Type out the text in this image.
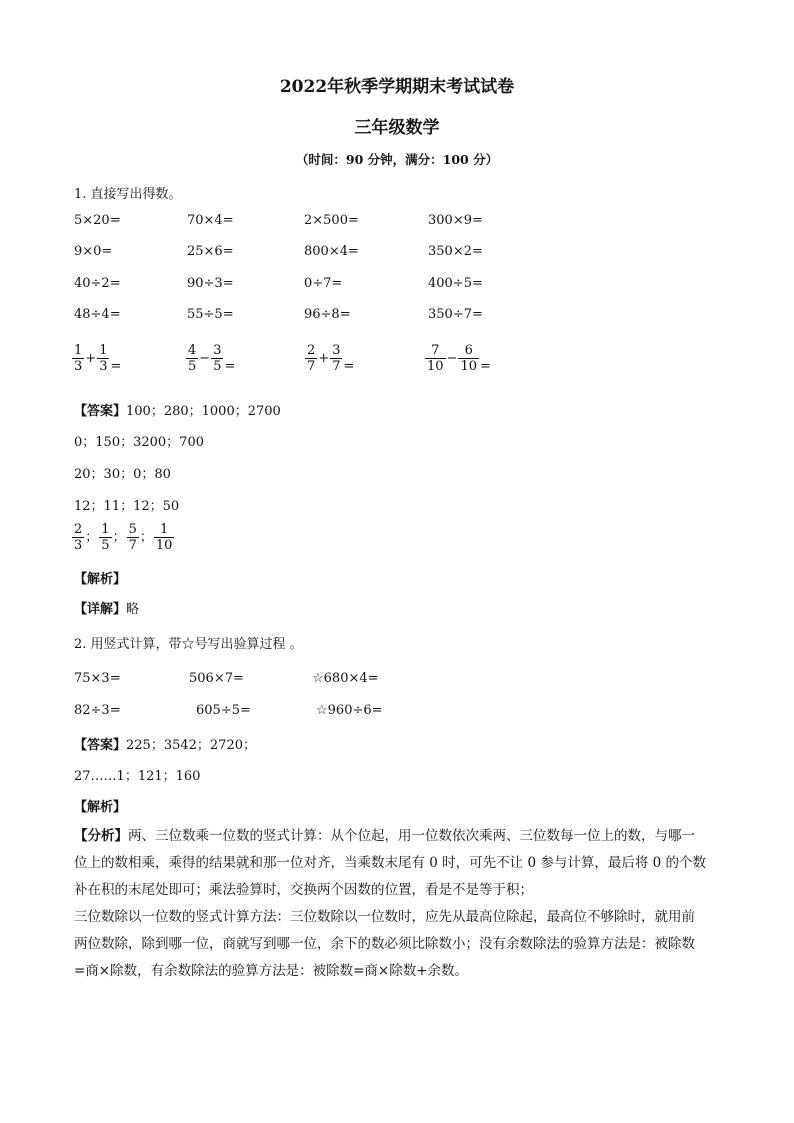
2022年秋季学期期末考试试卷
三年级数学
（时间：90 分钟，满分：100 分）
1. 直接写出得数。
5×20=	70×4=	2×500=	300×9=
9×0=	25×6=	800×4=	350×2=
40÷2=	90÷3=	0÷7=	400÷5=
48÷4=	55÷5=	96÷8=	350÷7=
$\frac{1}{3} + \frac{1}{3}$ =	$\frac{4}{5} - \frac{3}{5}$ =	$\frac{2}{7} + \frac{3}{7}$ =	$\frac{7}{10} - \frac{6}{10}$ =
【答案】100；280；1000；2700
0；150；3200；700
20；30；0；80
12；11；12；50
$\frac{2}{3}$ ； $\frac{1}{5}$ ； $\frac{5}{7}$ ； $\frac{1}{10}$
【解析】
【详解】略
2. 用竖式计算，带☆号写出验算过程 。
75×3=	506×7=	☆680×4=
82÷3=	605÷5=	☆960÷6=
【答案】225；3542；2720；
27……1；121；160
【解析】
【分析】两、三位数乘一位数的竖式计算：从个位起，用一位数依次乘两、三位数每一位上的数，与哪一
位上的数相乘，乘得的结果就和那一位对齐，当乘数末尾有 0 时，可先不让 0 参与计算，最后将 0 的个数
补在积的末尾处即可；乘法验算时，交换两个因数的位置，看是不是等于积；
三位数除以一位数的竖式计算方法：三位数除以一位数时，应先从最高位除起，最高位不够除时，就用前
两位数除，除到哪一位，商就写到哪一位，余下的数必须比除数小；没有余数除法的验算方法是：被除数
=商×除数，有余数除法的验算方法是：被除数=商×除数+余数。
